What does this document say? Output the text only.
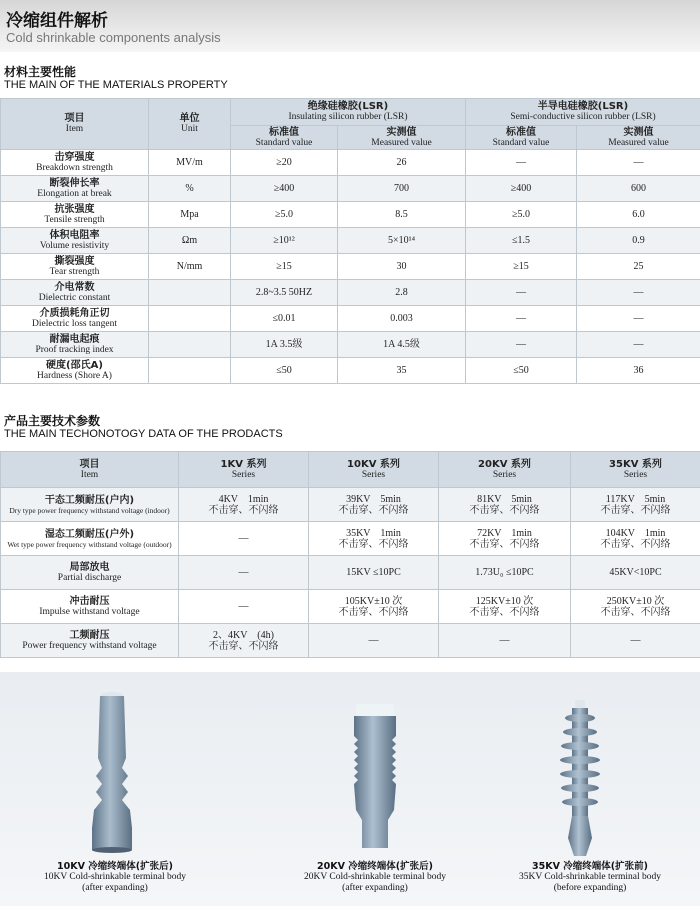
冷缩组件解析
Cold shrinkable components analysis
材料主要性能
THE MAIN OF THE MATERIALS PROPERTY
项目
Item	单位
Unit	绝缘硅橡胶(LSR)
Insulating silicon rubber (LSR)		半导电硅橡胶(LSR)
Semi-conductive silicon rubber (LSR)	

		标准值
Standard value	实测值
Measured value	标准值
Standard value	实测值
Measured value

击穿强度
Breakdown strength	MV/m	≥20	26	—	—

断裂伸长率
Elongation at break	%	≥400	700	≥400	600

抗张强度
Tensile strength	Mpa	≥5.0	8.5	≥5.0	6.0

体积电阻率
Volume resistivity	Ωm	≥10¹²	5×10¹⁴	≤1.5	0.9

撕裂强度
Tear strength	N/mm	≥15	30	≥15	25

介电常数
Dielectric constant		2.8~3.5 50HZ	2.8	—	—

介质损耗角正切
Dielectric loss tangent		≤0.01	0.003	—	—

耐漏电起痕
Proof tracking index		1A 3.5级	1A 4.5级	—	—

硬度(邵氏A)
Hardness (Shore A)		≤50	35	≤50	36
产品主要技术参数
THE MAIN TECHONOTOGY DATA OF THE PRODACTS
项目
Item	1KV 系列
Series	10KV 系列
Series	20KV 系列
Series	35KV 系列
Series

干态工频耐压(户内)
Dry type power frequency withstand voltage (indoor)	4KV　1min
不击穿、不闪络	39KV　5min
不击穿、不闪络	81KV　5min
不击穿、不闪络	117KV　5min
不击穿、不闪络

湿态工频耐压(户外)
Wet type power frequency withstand voltage (outdoor)	—	35KV　1min
不击穿、不闪络	72KV　1min
不击穿、不闪络	104KV　1min
不击穿、不闪络

局部放电
Partial discharge	—	15KV ≤10PC	1.73U₀ ≤10PC	45KV<10PC

冲击耐压
Impulse withstand voltage	—	105KV±10 次
不击穿、不闪络	125KV±10 次
不击穿、不闪络	250KV±10 次
不击穿、不闪络

工频耐压
Power frequency withstand voltage	2、4KV　(4h)
不击穿、不闪络	—	—	—
10KV 冷缩终端体(扩张后)
10KV Cold-shrinkable terminal body
(after expanding)
20KV 冷缩终端体(扩张后)
20KV Cold-shrinkable terminal body
(after expanding)
35KV 冷缩终端体(扩张前)
35KV Cold-shrinkable terminal body
(before expanding)
